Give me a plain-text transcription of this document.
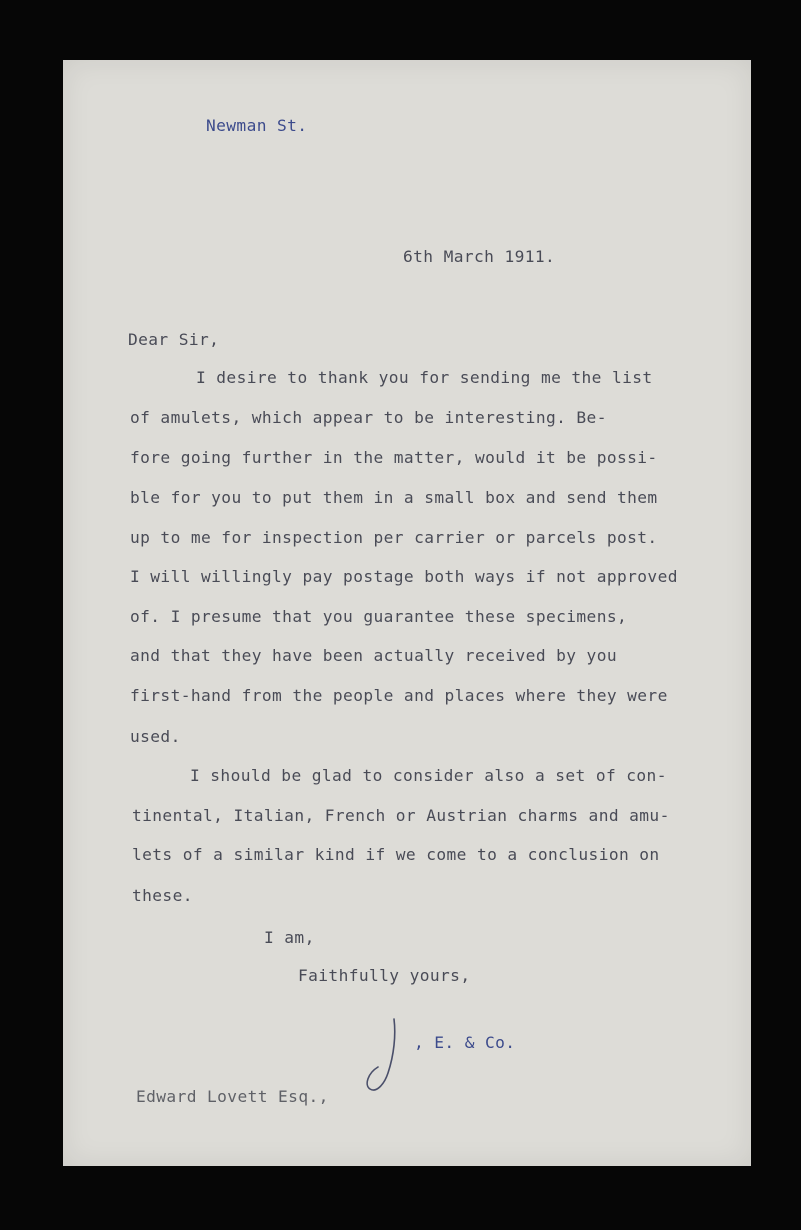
Newman St.
6th March 1911.
Dear Sir,
I desire to thank you for sending me the list
of amulets, which appear to be interesting. Be-
fore going further in the matter, would it be possi-
ble for you to put them in a small box and send them
up to me for inspection per carrier or parcels post.
I will willingly pay postage both ways if not approved
of. I presume that you guarantee these specimens,
and that they have been actually received by you
first-hand from the people and places where they were
used.
I should be glad to consider also a set of con-
tinental, Italian, French or Austrian charms and amu-
lets of a similar kind if we come to a conclusion on
these.
I am,
Faithfully yours,
, E. & Co.
Edward Lovett Esq.,
